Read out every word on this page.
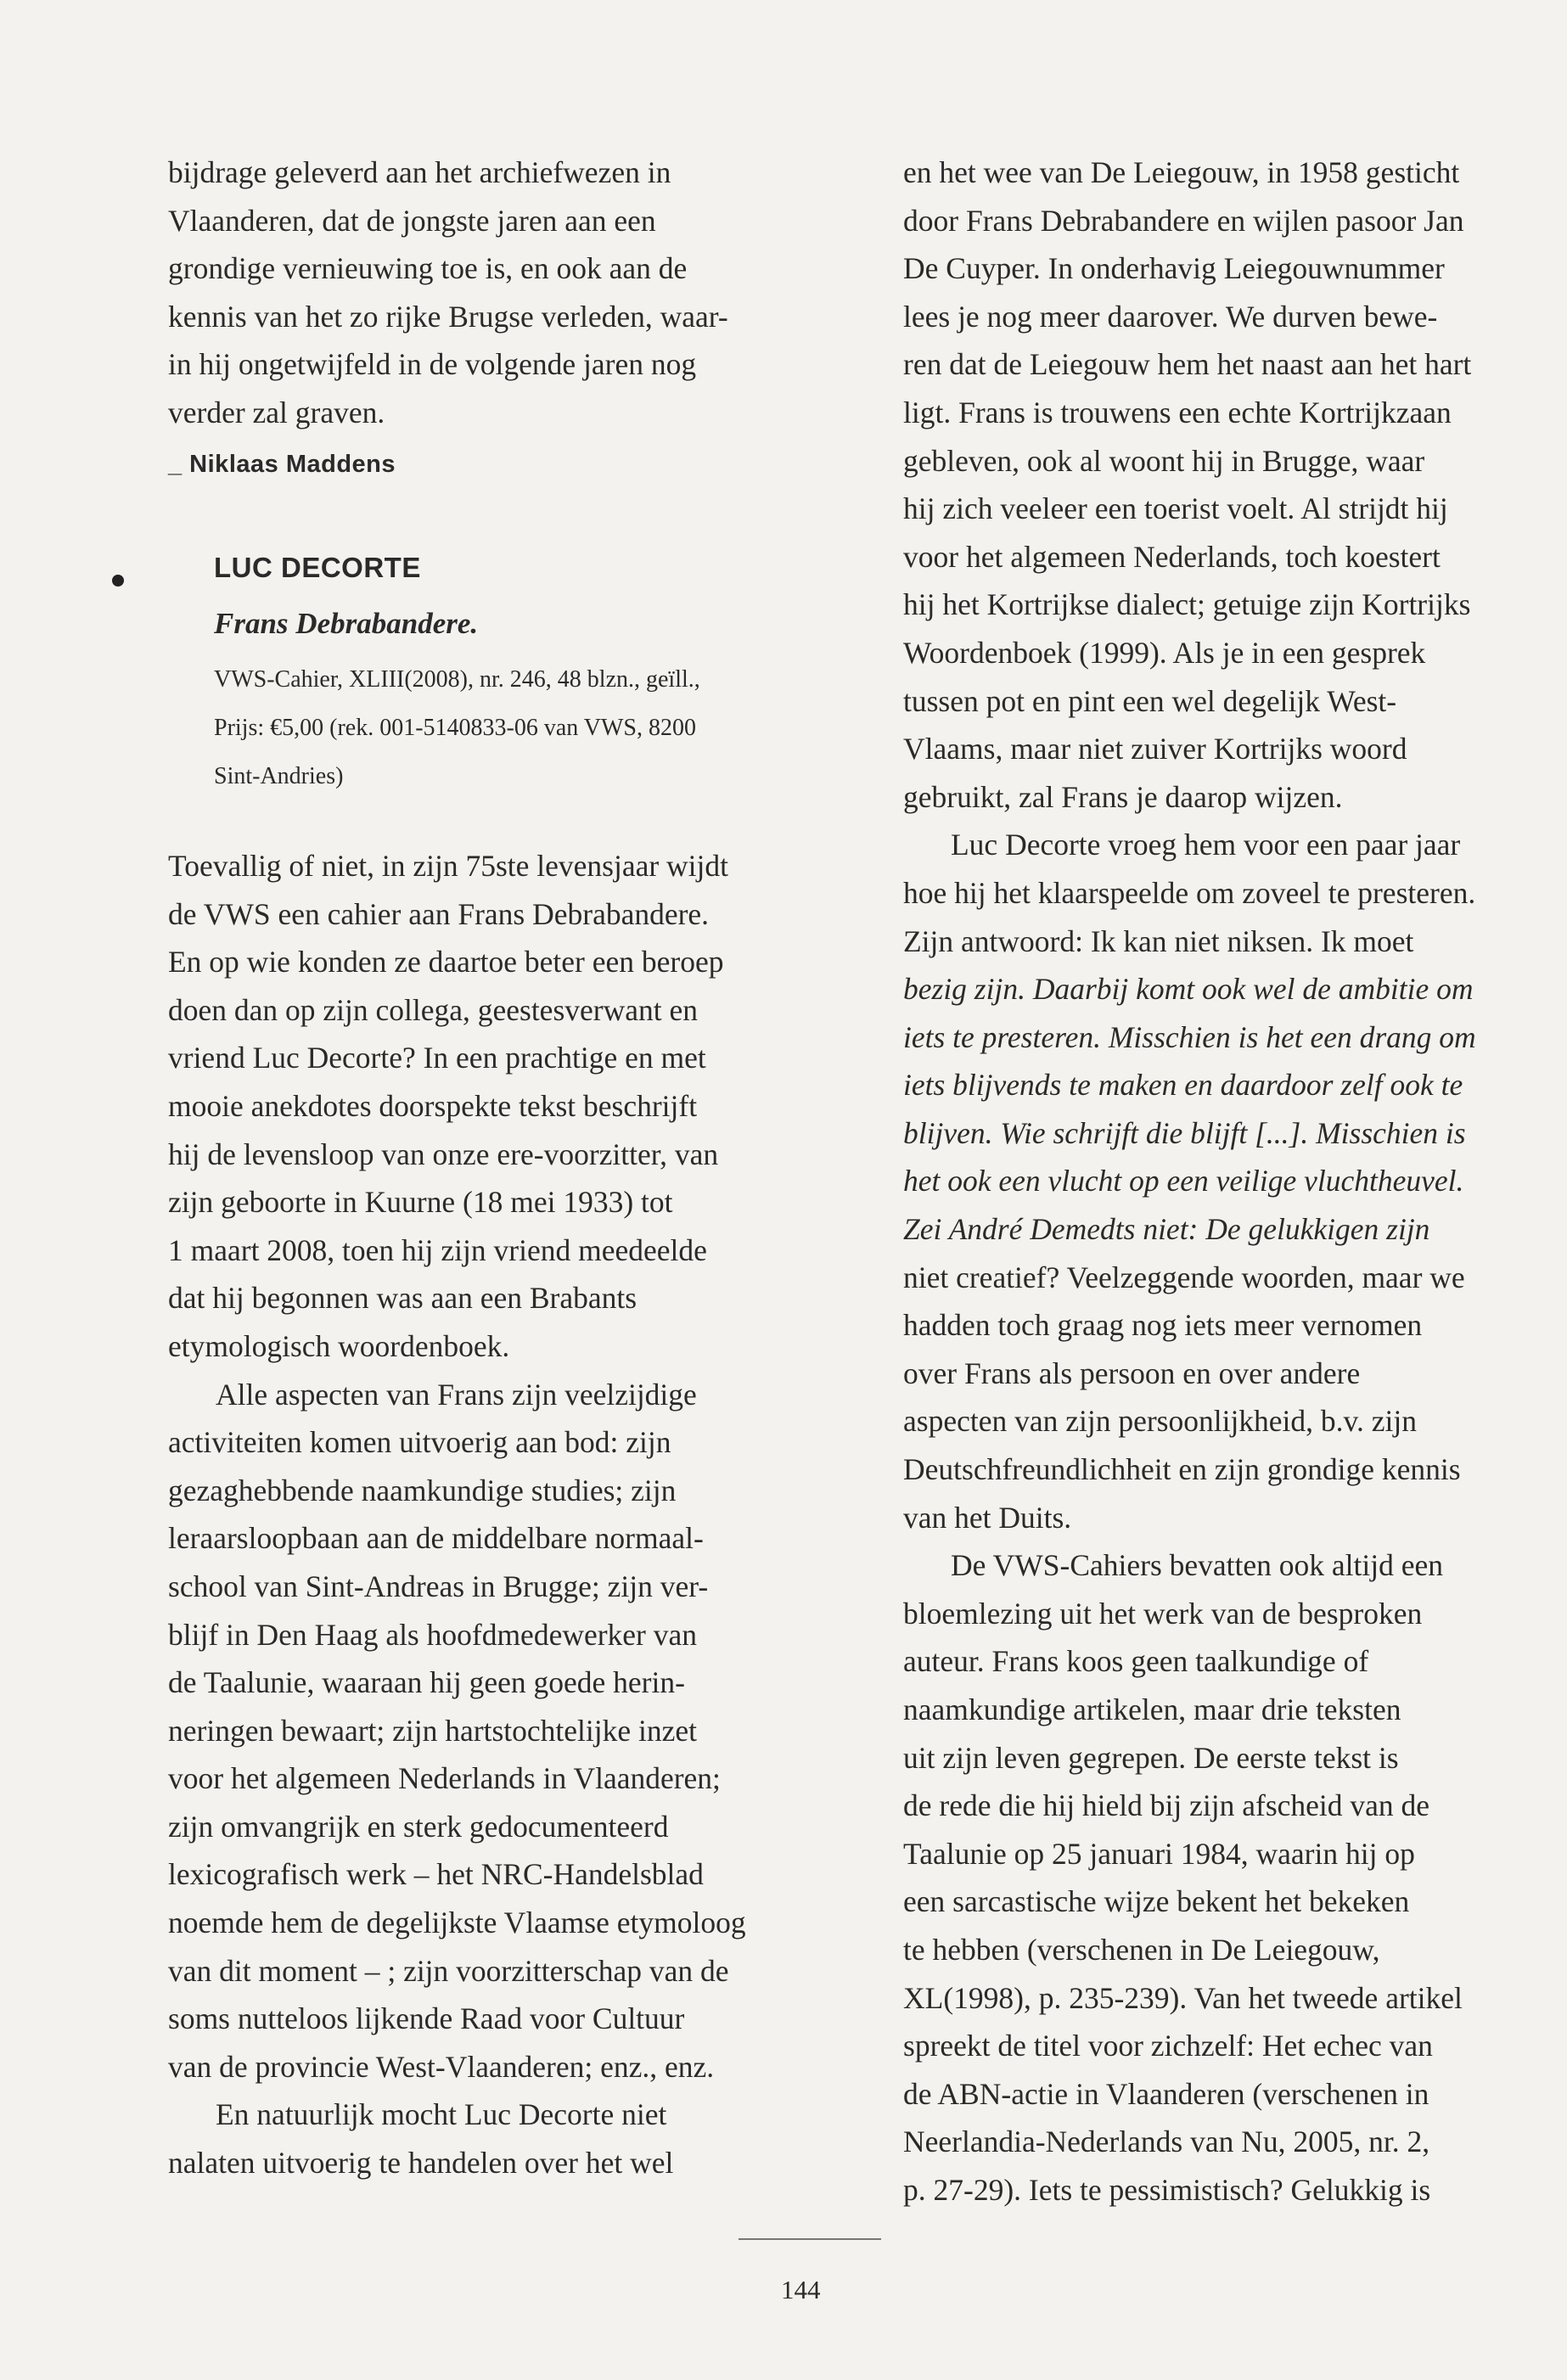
bijdrage geleverd aan het archiefwezen in
Vlaanderen, dat de jongste jaren aan een
grondige vernieuwing toe is, en ook aan de
kennis van het zo rijke Brugse verleden, waar-
in hij ongetwijfeld in de volgende jaren nog
verder zal graven.
_ Niklaas Maddens
LUC DECORTE
Frans Debrabandere.
VWS-Cahier, XLIII(2008), nr. 246, 48 blzn., geïll.,
Prijs: €5,00 (rek. 001-5140833-06 van VWS, 8200
Sint-Andries)
Toevallig of niet, in zijn 75ste levensjaar wijdt
de VWS een cahier aan Frans Debrabandere.
En op wie konden ze daartoe beter een beroep
doen dan op zijn collega, geestesverwant en
vriend Luc Decorte? In een prachtige en met
mooie anekdotes doorspekte tekst beschrijft
hij de levensloop van onze ere-voorzitter, van
zijn geboorte in Kuurne (18 mei 1933) tot
1 maart 2008, toen hij zijn vriend meedeelde
dat hij begonnen was aan een Brabants
etymologisch woordenboek.
Alle aspecten van Frans zijn veelzijdige
activiteiten komen uitvoerig aan bod: zijn
gezaghebbende naamkundige studies; zijn
leraarsloopbaan aan de middelbare normaal-
school van Sint-Andreas in Brugge; zijn ver-
blijf in Den Haag als hoofdmedewerker van
de Taalunie, waaraan hij geen goede herin-
neringen bewaart; zijn hartstochtelijke inzet
voor het algemeen Nederlands in Vlaanderen;
zijn omvangrijk en sterk gedocumenteerd
lexicografisch werk – het NRC-Handelsblad
noemde hem de degelijkste Vlaamse etymoloog
van dit moment – ; zijn voorzitterschap van de
soms nutteloos lijkende Raad voor Cultuur
van de provincie West-Vlaanderen; enz., enz.
En natuurlijk mocht Luc Decorte niet
nalaten uitvoerig te handelen over het wel
en het wee van De Leiegouw, in 1958 gesticht
door Frans Debrabandere en wijlen pasoor Jan
De Cuyper. In onderhavig Leiegouwnummer
lees je nog meer daarover. We durven bewe-
ren dat de Leiegouw hem het naast aan het hart
ligt. Frans is trouwens een echte Kortrijkzaan
gebleven, ook al woont hij in Brugge, waar
hij zich veeleer een toerist voelt. Al strijdt hij
voor het algemeen Nederlands, toch koestert
hij het Kortrijkse dialect; getuige zijn Kortrijks
Woordenboek (1999). Als je in een gesprek
tussen pot en pint een wel degelijk West-
Vlaams, maar niet zuiver Kortrijks woord
gebruikt, zal Frans je daarop wijzen.
Luc Decorte vroeg hem voor een paar jaar
hoe hij het klaarspeelde om zoveel te presteren.
Zijn antwoord: Ik kan niet niksen. Ik moet
bezig zijn. Daarbij komt ook wel de ambitie om
iets te presteren. Misschien is het een drang om
iets blijvends te maken en daardoor zelf ook te
blijven. Wie schrijft die blijft [...]. Misschien is
het ook een vlucht op een veilige vluchtheuvel.
Zei André Demedts niet: De gelukkigen zijn
niet creatief? Veelzeggende woorden, maar we
hadden toch graag nog iets meer vernomen
over Frans als persoon en over andere
aspecten van zijn persoonlijkheid, b.v. zijn
Deutschfreundlichheit en zijn grondige kennis
van het Duits.
De VWS-Cahiers bevatten ook altijd een
bloemlezing uit het werk van de besproken
auteur. Frans koos geen taalkundige of
naamkundige artikelen, maar drie teksten
uit zijn leven gegrepen. De eerste tekst is
de rede die hij hield bij zijn afscheid van de
Taalunie op 25 januari 1984, waarin hij op
een sarcastische wijze bekent het bekeken
te hebben (verschenen in De Leiegouw,
XL(1998), p. 235-239). Van het tweede artikel
spreekt de titel voor zichzelf: Het echec van
de ABN-actie in Vlaanderen (verschenen in
Neerlandia-Nederlands van Nu, 2005, nr. 2,
p. 27-29). Iets te pessimistisch? Gelukkig is
144
